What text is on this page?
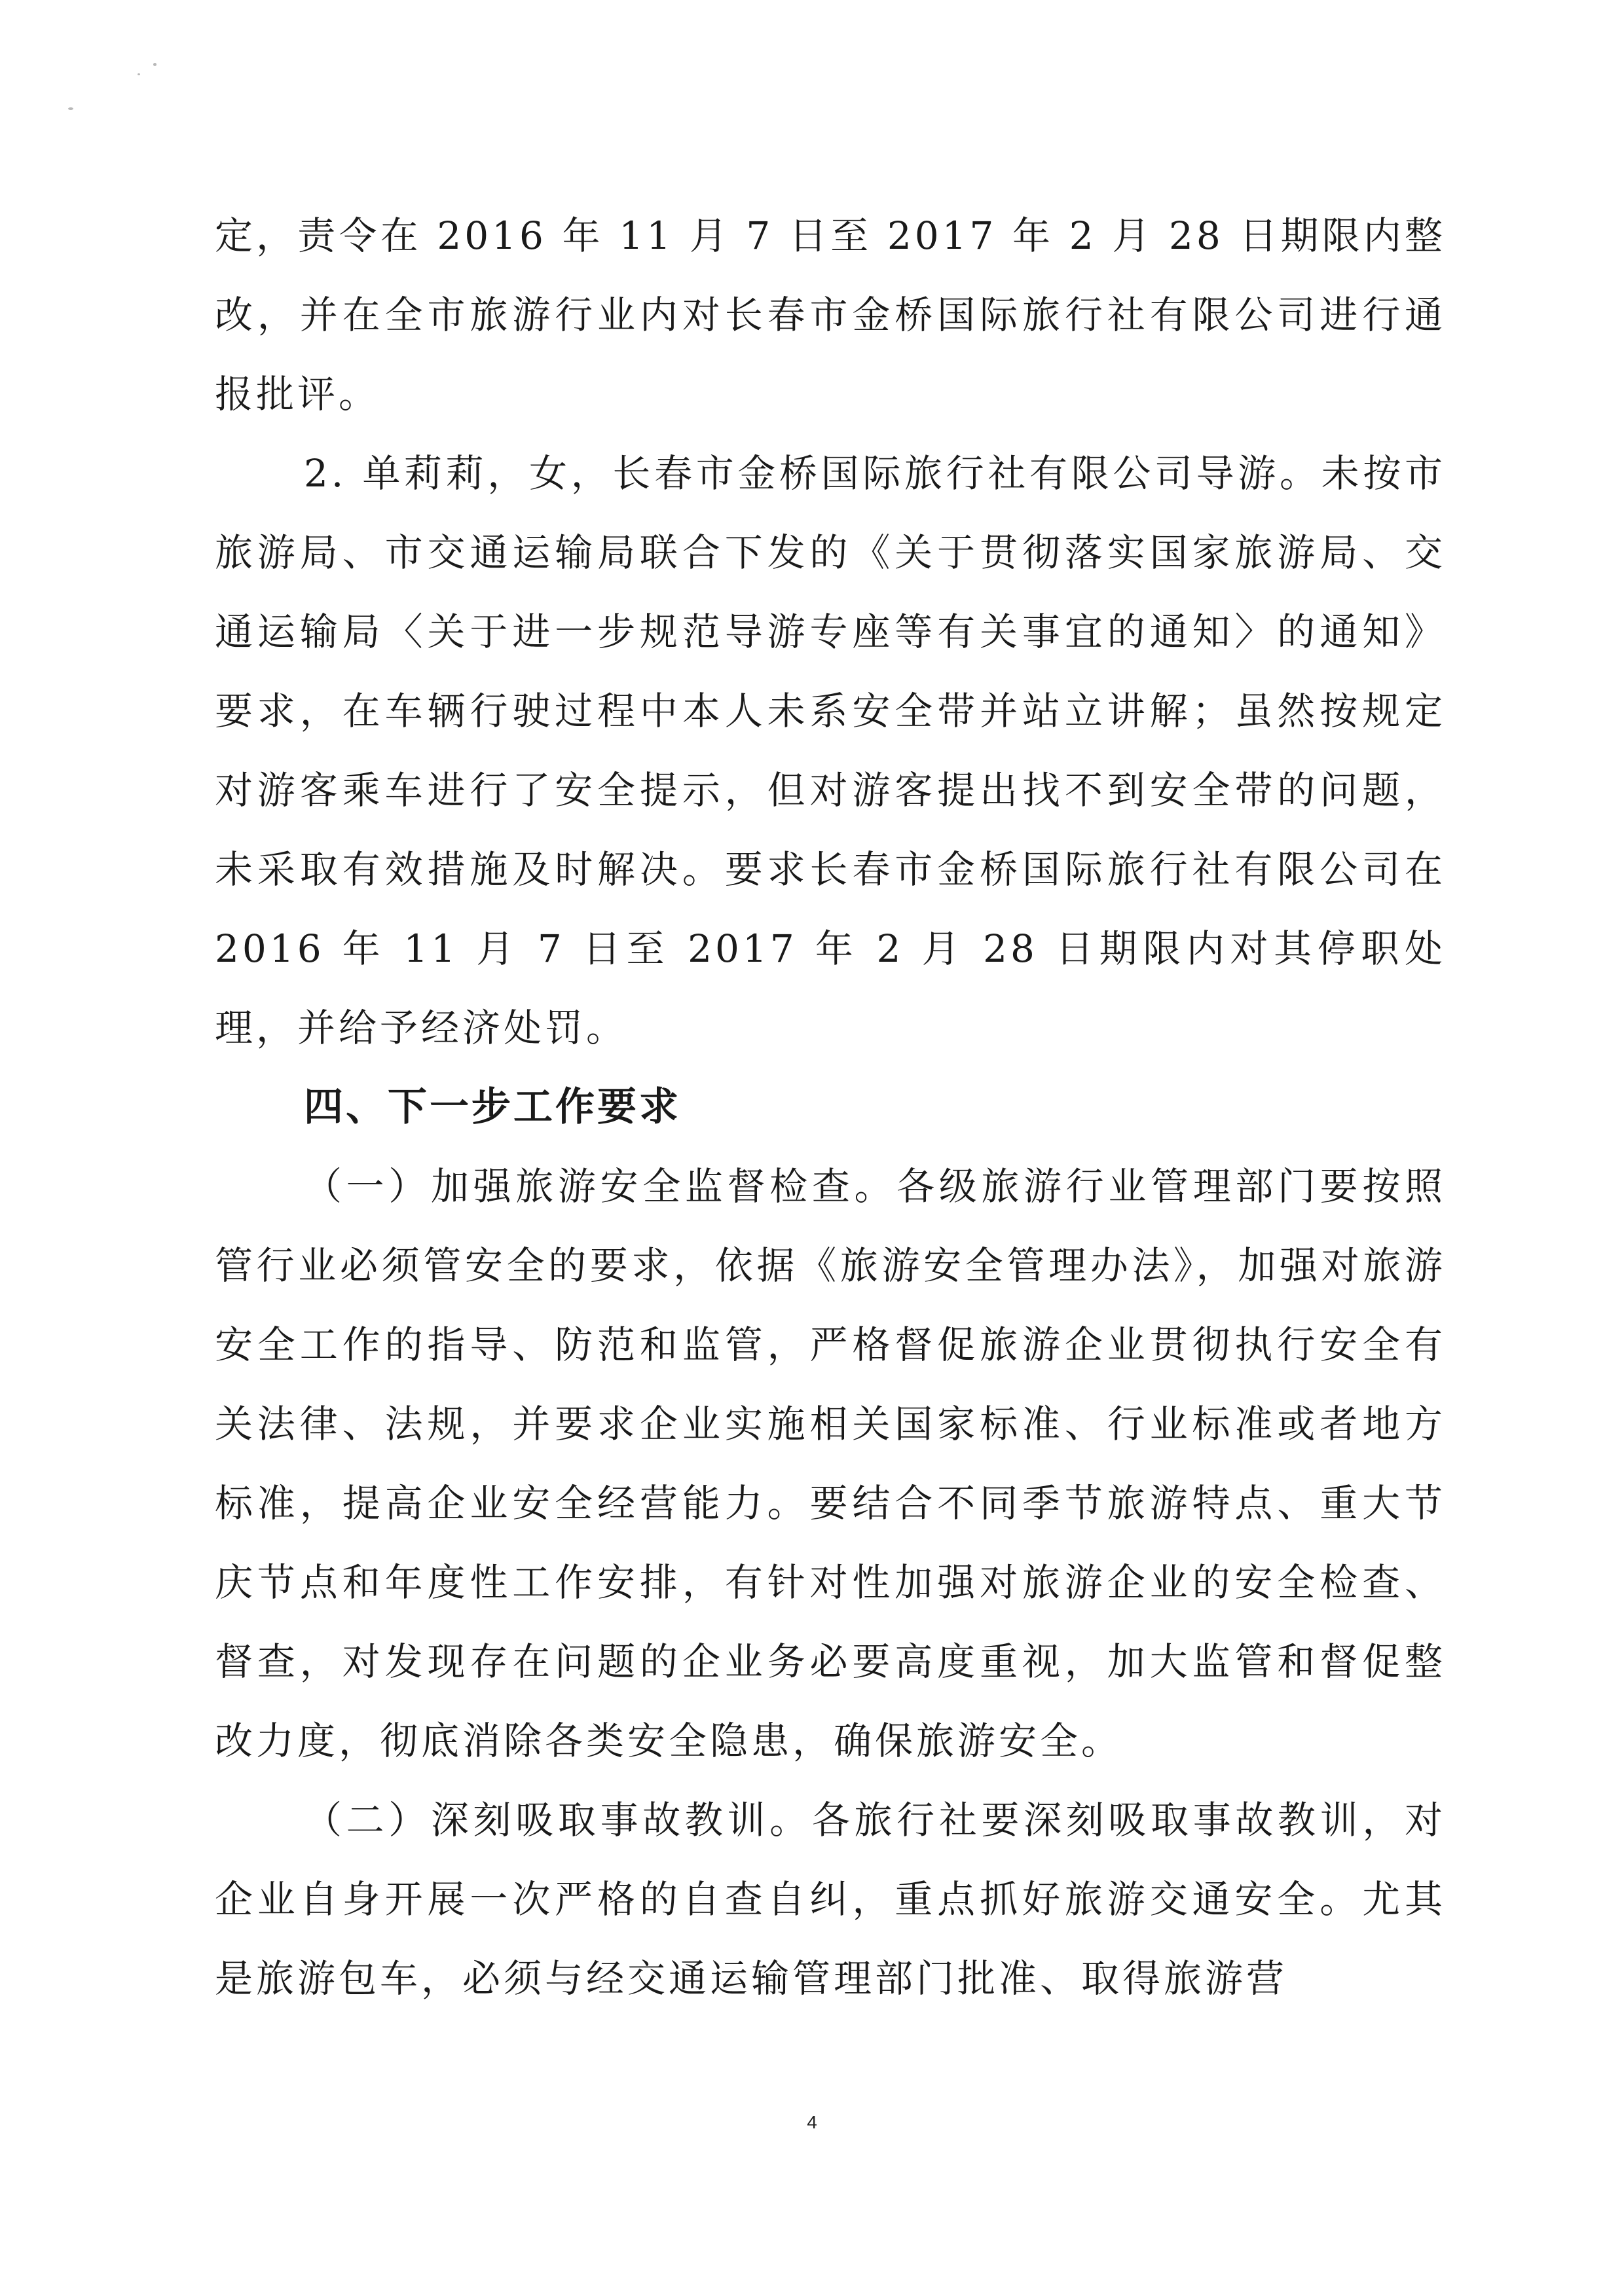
定，责令在 2016 年 11 月 7 日至 2017 年 2 月 28 日期限内整改，并在全市旅游行业内对长春市金桥国际旅行社有限公司进行通报批评。

2. 单莉莉，女，长春市金桥国际旅行社有限公司导游。未按市旅游局、市交通运输局联合下发的《关于贯彻落实国家旅游局、交通运输局〈关于进一步规范导游专座等有关事宜的通知〉的通知》要求，在车辆行驶过程中本人未系安全带并站立讲解；虽然按规定对游客乘车进行了安全提示，但对游客提出找不到安全带的问题，未采取有效措施及时解决。要求长春市金桥国际旅行社有限公司在 2016 年 11 月 7 日至 2017 年 2 月 28 日期限内对其停职处理，并给予经济处罚。

四、下一步工作要求

（一）加强旅游安全监督检查。各级旅游行业管理部门要按照管行业必须管安全的要求，依据《旅游安全管理办法》，加强对旅游安全工作的指导、防范和监管，严格督促旅游企业贯彻执行安全有关法律、法规，并要求企业实施相关国家标准、行业标准或者地方标准，提高企业安全经营能力。要结合不同季节旅游特点、重大节庆节点和年度性工作安排，有针对性加强对旅游企业的安全检查、督查，对发现存在问题的企业务必要高度重视，加大监管和督促整改力度，彻底消除各类安全隐患，确保旅游安全。

（二）深刻吸取事故教训。各旅行社要深刻吸取事故教训，对企业自身开展一次严格的自查自纠，重点抓好旅游交通安全。尤其是旅游包车，必须与经交通运输管理部门批准、取得旅游营

4
